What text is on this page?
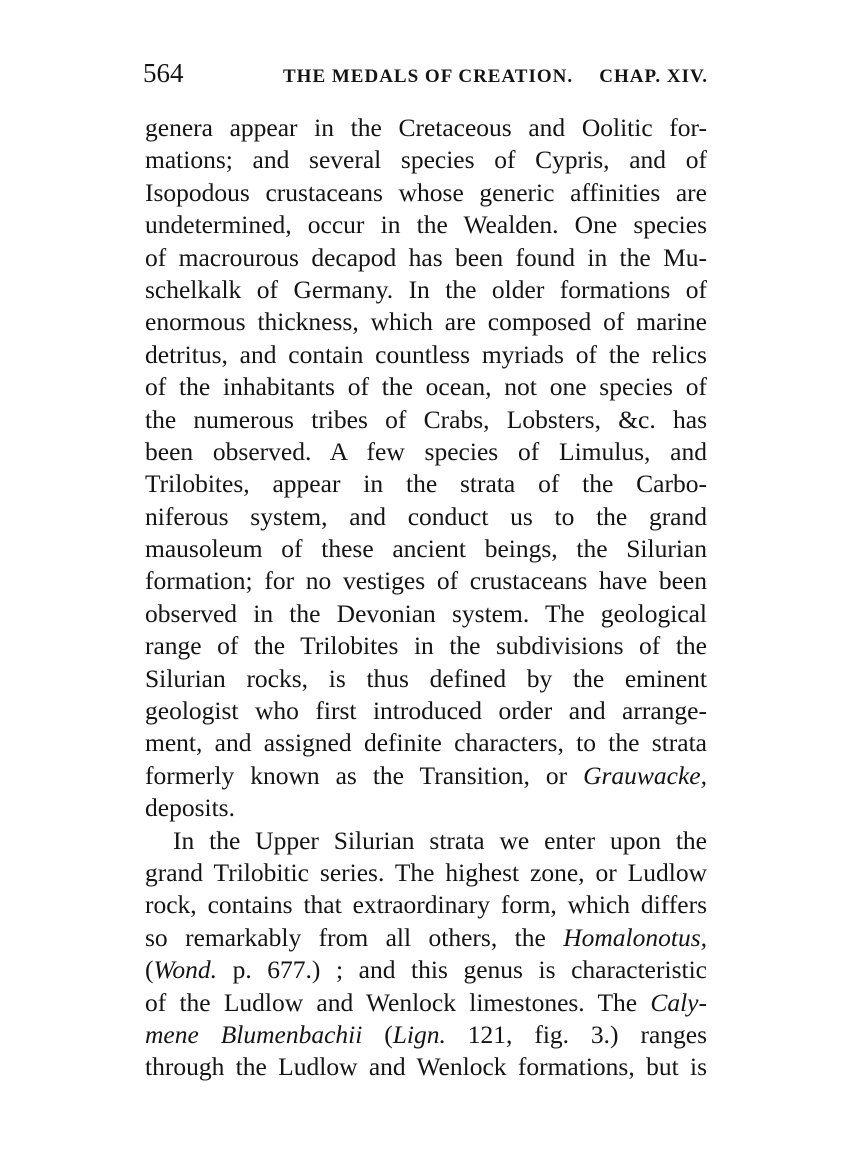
564	THE MEDALS OF CREATION. CHAP. XIV.
genera appear in the Cretaceous and Oolitic for-
mations; and several species of Cypris, and of
Isopodous crustaceans whose generic affinities are
undetermined, occur in the Wealden. One species
of macrourous decapod has been found in the Mu-
schelkalk of Germany. In the older formations of
enormous thickness, which are composed of marine
detritus, and contain countless myriads of the relics
of the inhabitants of the ocean, not one species of
the numerous tribes of Crabs, Lobsters, &c. has
been observed. A few species of Limulus, and
Trilobites, appear in the strata of the Carbo-
niferous system, and conduct us to the grand
mausoleum of these ancient beings, the Silurian
formation; for no vestiges of crustaceans have been
observed in the Devonian system. The geological
range of the Trilobites in the subdivisions of the
Silurian rocks, is thus defined by the eminent
geologist who first introduced order and arrange-
ment, and assigned definite characters, to the strata
formerly known as the Transition, or Grauwacke,
deposits.
In the Upper Silurian strata we enter upon the
grand Trilobitic series. The highest zone, or Ludlow
rock, contains that extraordinary form, which differs
so remarkably from all others, the Homalonotus,
(Wond. p. 677.) ; and this genus is characteristic
of the Ludlow and Wenlock limestones. The Caly-
mene Blumenbachii (Lign. 121, fig. 3.) ranges
through the Ludlow and Wenlock formations, but is
